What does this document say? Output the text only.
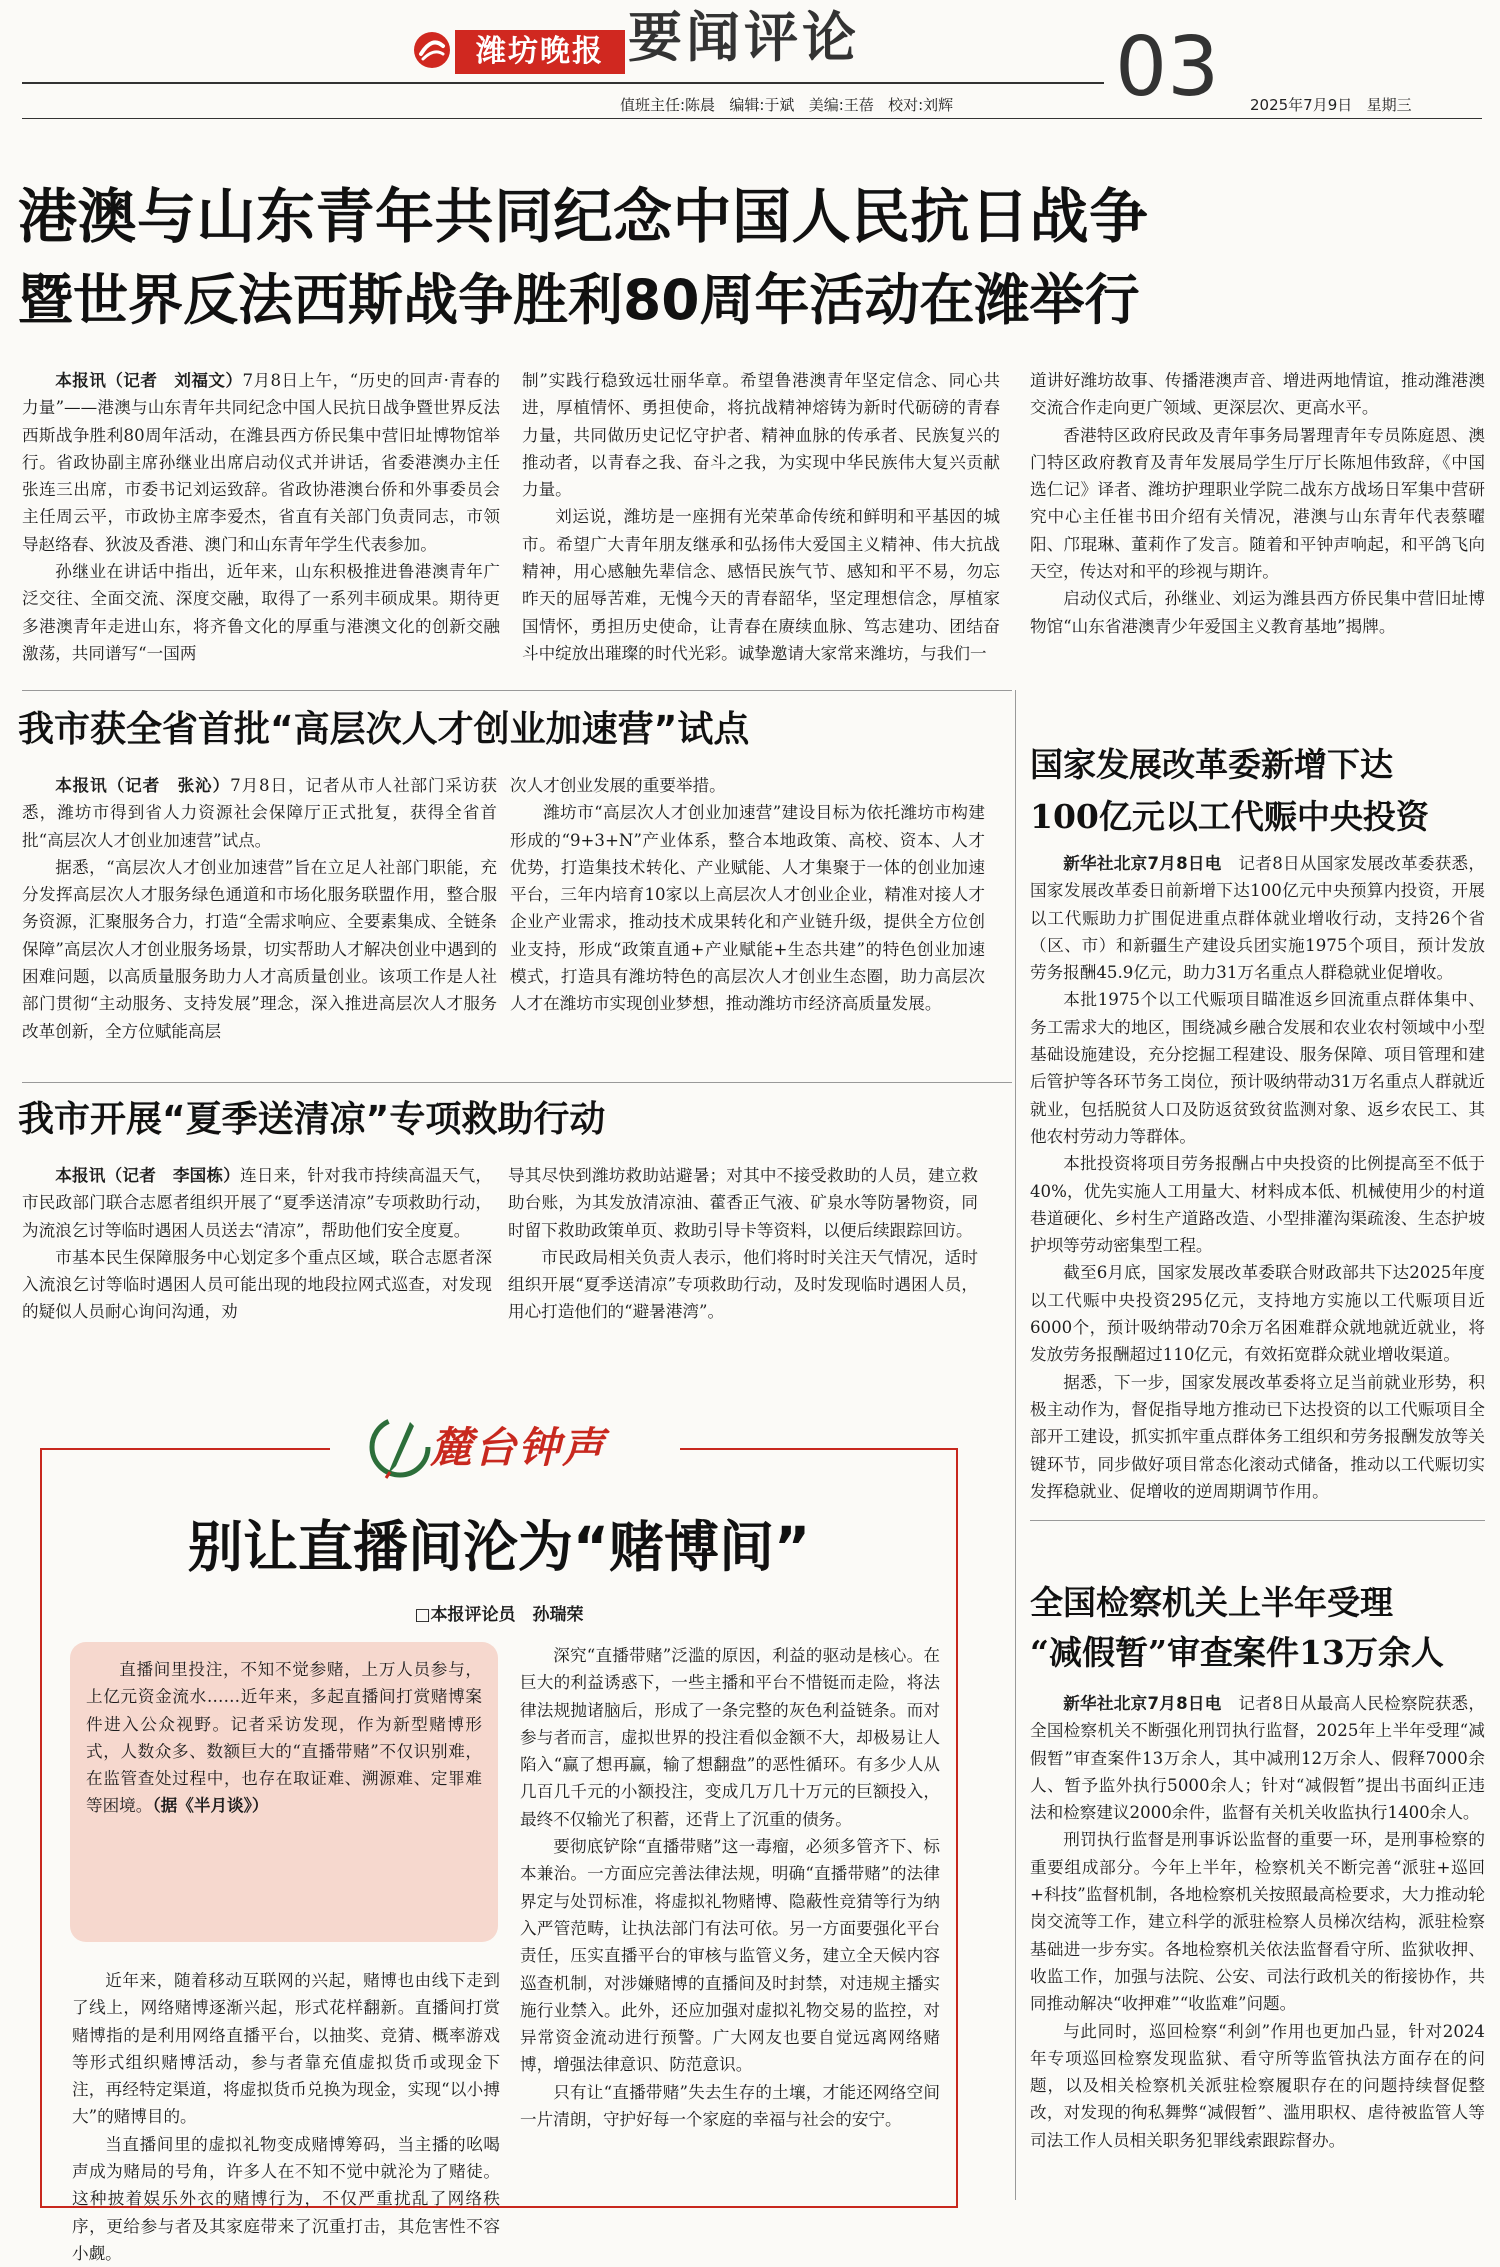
潍坊晚报 要闻评论
值班主任:陈晨   编辑:于斌   美编:王蓓   校对:刘辉 03 2025年7月9日 星期三
港澳与山东青年共同纪念中国人民抗日战争
暨世界反法西斯战争胜利80周年活动在潍举行

本报讯（记者　刘福文）7月8日上午，“历史的回声·青春的力量”——港澳与山东青年共同纪念中国人民抗日战争暨世界反法西斯战争胜利80周年活动，在潍县西方侨民集中营旧址博物馆举行。省政协副主席孙继业出席启动仪式并讲话，省委港澳办主任张连三出席，市委书记刘运致辞。省政协港澳台侨和外事委员会主任周云平，市政协主席李爱杰，省直有关部门负责同志，市领导赵络春、狄波及香港、澳门和山东青年学生代表参加。

孙继业在讲话中指出，近年来，山东积极推进鲁港澳青年广泛交往、全面交流、深度交融，取得了一系列丰硕成果。期待更多港澳青年走进山东，将齐鲁文化的厚重与港澳文化的创新交融激荡，共同谱写“一国两

制”实践行稳致远壮丽华章。希望鲁港澳青年坚定信念、同心共进，厚植情怀、勇担使命，将抗战精神熔铸为新时代砺磅的青春力量，共同做历史记忆守护者、精神血脉的传承者、民族复兴的推动者，以青春之我、奋斗之我，为实现中华民族伟大复兴贡献力量。

刘运说，潍坊是一座拥有光荣革命传统和鲜明和平基因的城市。希望广大青年朋友继承和弘扬伟大爱国主义精神、伟大抗战精神，用心感触先辈信念、感悟民族气节、感知和平不易，勿忘昨天的屈辱苦难，无愧今天的青春韶华，坚定理想信念，厚植家国情怀，勇担历史使命，让青春在赓续血脉、笃志建功、团结奋斗中绽放出璀璨的时代光彩。诚挚邀请大家常来潍坊，与我们一

道讲好潍坊故事、传播港澳声音、增进两地情谊，推动潍港澳交流合作走向更广领域、更深层次、更高水平。

香港特区政府民政及青年事务局署理青年专员陈庭恩、澳门特区政府教育及青年发展局学生厅厅长陈旭伟致辞，《中国选仁记》译者、潍坊护理职业学院二战东方战场日军集中营研究中心主任崔书田介绍有关情况，港澳与山东青年代表蔡曜阳、邝琨琳、董莉作了发言。随着和平钟声响起，和平鸽飞向天空，传达对和平的珍视与期许。

启动仪式后，孙继业、刘运为潍县西方侨民集中营旧址博物馆“山东省港澳青少年爱国主义教育基地”揭牌。

我市获全省首批“高层次人才创业加速营”试点

本报讯（记者　张沁）7月8日，记者从市人社部门采访获悉，潍坊市得到省人力资源社会保障厅正式批复，获得全省首批“高层次人才创业加速营”试点。

据悉，“高层次人才创业加速营”旨在立足人社部门职能，充分发挥高层次人才服务绿色通道和市场化服务联盟作用，整合服务资源，汇聚服务合力，打造“全需求响应、全要素集成、全链条保障”高层次人才创业服务场景，切实帮助人才解决创业中遇到的困难问题，以高质量服务助力人才高质量创业。该项工作是人社部门贯彻“主动服务、支持发展”理念，深入推进高层次人才服务改革创新，全方位赋能高层

次人才创业发展的重要举措。

潍坊市“高层次人才创业加速营”建设目标为依托潍坊市构建形成的“9+3+N”产业体系，整合本地政策、高校、资本、人才优势，打造集技术转化、产业赋能、人才集聚于一体的创业加速平台，三年内培育10家以上高层次人才创业企业，精准对接人才企业产业需求，推动技术成果转化和产业链升级，提供全方位创业支持，形成“政策直通+产业赋能+生态共建”的特色创业加速模式，打造具有潍坊特色的高层次人才创业生态圈，助力高层次人才在潍坊市实现创业梦想，推动潍坊市经济高质量发展。

我市开展“夏季送清凉”专项救助行动

本报讯（记者　李国栋）连日来，针对我市持续高温天气，市民政部门联合志愿者组织开展了“夏季送清凉”专项救助行动，为流浪乞讨等临时遇困人员送去“清凉”，帮助他们安全度夏。

市基本民生保障服务中心划定多个重点区域，联合志愿者深入流浪乞讨等临时遇困人员可能出现的地段拉网式巡查，对发现的疑似人员耐心询问沟通，劝

导其尽快到潍坊救助站避暑；对其中不接受救助的人员，建立救助台账，为其发放清凉油、藿香正气液、矿泉水等防暑物资，同时留下救助政策单页、救助引导卡等资料，以便后续跟踪回访。

市民政局相关负责人表示，他们将时时关注天气情况，适时组织开展“夏季送清凉”专项救助行动，及时发现临时遇困人员，用心打造他们的“避暑港湾”。

麓台钟声
别让直播间沦为“赌博间”
□本报评论员　孙瑞荣

直播间里投注，不知不觉参赌，上万人员参与，上亿元资金流水……近年来，多起直播间打赏赌博案件进入公众视野。记者采访发现，作为新型赌博形式，人数众多、数额巨大的“直播带赌”不仅识别难，在监管查处过程中，也存在取证难、溯源难、定罪难等困境。（据《半月谈》）

近年来，随着移动互联网的兴起，赌博也由线下走到了线上，网络赌博逐渐兴起，形式花样翻新。直播间打赏赌博指的是利用网络直播平台，以抽奖、竞猜、概率游戏等形式组织赌博活动，参与者靠充值虚拟货币或现金下注，再经特定渠道，将虚拟货币兑换为现金，实现“以小搏大”的赌博目的。

当直播间里的虚拟礼物变成赌博筹码，当主播的吆喝声成为赌局的号角，许多人在不知不觉中就沦为了赌徒。这种披着娱乐外衣的赌博行为，不仅严重扰乱了网络秩序，更给参与者及其家庭带来了沉重打击，其危害性不容小觑。

深究“直播带赌”泛滥的原因，利益的驱动是核心。在巨大的利益诱惑下，一些主播和平台不惜铤而走险，将法律法规抛诸脑后，形成了一条完整的灰色利益链条。而对参与者而言，虚拟世界的投注看似金额不大，却极易让人陷入“赢了想再赢，输了想翻盘”的恶性循环。有多少人从几百几千元的小额投注，变成几万几十万元的巨额投入，最终不仅输光了积蓄，还背上了沉重的债务。

要彻底铲除“直播带赌”这一毒瘤，必须多管齐下、标本兼治。一方面应完善法律法规，明确“直播带赌”的法律界定与处罚标准，将虚拟礼物赌博、隐蔽性竞猜等行为纳入严管范畴，让执法部门有法可依。另一方面要强化平台责任，压实直播平台的审核与监管义务，建立全天候内容巡查机制，对涉嫌赌博的直播间及时封禁，对违规主播实施行业禁入。此外，还应加强对虚拟礼物交易的监控，对异常资金流动进行预警。广大网友也要自觉远离网络赌博，增强法律意识、防范意识。

只有让“直播带赌”失去生存的土壤，才能还网络空间一片清朗，守护好每一个家庭的幸福与社会的安宁。

国家发展改革委新增下达
100亿元以工代赈中央投资

新华社北京7月8日电　 记者8日从国家发展改革委获悉，国家发展改革委日前新增下达100亿元中央预算内投资，开展以工代赈助力扩围促进重点群体就业增收行动，支持26个省（区、市）和新疆生产建设兵团实施1975个项目，预计发放劳务报酬45.9亿元，助力31万名重点人群稳就业促增收。

本批1975个以工代赈项目瞄准返乡回流重点群体集中、务工需求大的地区，围绕减乡融合发展和农业农村领域中小型基础设施建设，充分挖掘工程建设、服务保障、项目管理和建后管护等各环节务工岗位，预计吸纳带动31万名重点人群就近就业，包括脱贫人口及防返贫致贫监测对象、返乡农民工、其他农村劳动力等群体。

本批投资将项目劳务报酬占中央投资的比例提高至不低于40%，优先实施人工用量大、材料成本低、机械使用少的村道巷道硬化、乡村生产道路改造、小型排灌沟渠疏浚、生态护坡护坝等劳动密集型工程。

截至6月底，国家发展改革委联合财政部共下达2025年度以工代赈中央投资295亿元，支持地方实施以工代赈项目近6000个，预计吸纳带动70余万名困难群众就地就近就业，将发放劳务报酬超过110亿元，有效拓宽群众就业增收渠道。

据悉，下一步，国家发展改革委将立足当前就业形势，积极主动作为，督促指导地方推动已下达投资的以工代赈项目全部开工建设，抓实抓牢重点群体务工组织和劳务报酬发放等关键环节，同步做好项目常态化滚动式储备，推动以工代赈切实发挥稳就业、促增收的逆周期调节作用。

全国检察机关上半年受理
“减假暂”审查案件13万余人

新华社北京7月8日电　 记者8日从最高人民检察院获悉，全国检察机关不断强化刑罚执行监督，2025年上半年受理“减假暂”审查案件13万余人，其中减刑12万余人、假释7000余人、暂予监外执行5000余人；针对“减假暂”提出书面纠正违法和检察建议2000余件，监督有关机关收监执行1400余人。

刑罚执行监督是刑事诉讼监督的重要一环，是刑事检察的重要组成部分。今年上半年，检察机关不断完善“派驻+巡回+科技”监督机制，各地检察机关按照最高检要求，大力推动轮岗交流等工作，建立科学的派驻检察人员梯次结构，派驻检察基础进一步夯实。各地检察机关依法监督看守所、监狱收押、收监工作，加强与法院、公安、司法行政机关的衔接协作，共同推动解决“收押难”“收监难”问题。

与此同时，巡回检察“利剑”作用也更加凸显，针对2024年专项巡回检察发现监狱、看守所等监管执法方面存在的问题，以及相关检察机关派驻检察履职存在的问题持续督促整改，对发现的徇私舞弊“减假暂”、滥用职权、虐待被监管人等司法工作人员相关职务犯罪线索跟踪督办。
